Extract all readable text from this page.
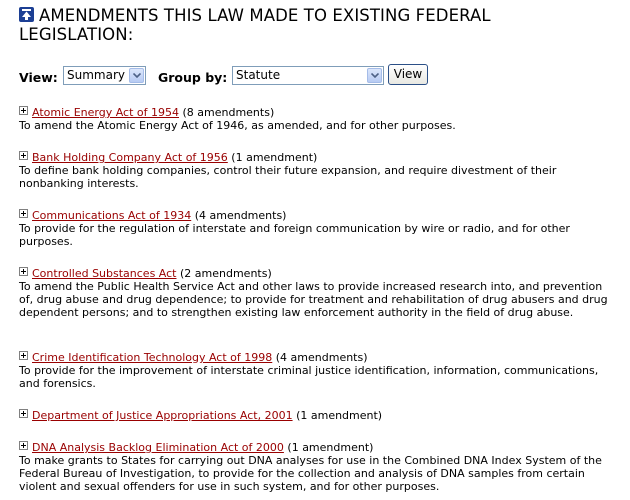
AMENDMENTS THIS LAW MADE TO EXISTING FEDERAL
LEGISLATION:
View: Summary	Group by: Statute	View
Atomic Energy Act of 1954 (8 amendments)
To amend the Atomic Energy Act of 1946, as amended, and for other purposes.
Bank Holding Company Act of 1956 (1 amendment)
To define bank holding companies, control their future expansion, and require divestment of their nonbanking interests.
Communications Act of 1934 (4 amendments)
To provide for the regulation of interstate and foreign communication by wire or radio, and for other purposes.
Controlled Substances Act (2 amendments)
To amend the Public Health Service Act and other laws to provide increased research into, and prevention of, drug abuse and drug dependence; to provide for treatment and rehabilitation of drug abusers and drug dependent persons; and to strengthen existing law enforcement authority in the field of drug abuse.
Crime Identification Technology Act of 1998 (4 amendments)
To provide for the improvement of interstate criminal justice identification, information, communications, and forensics.
Department of Justice Appropriations Act, 2001 (1 amendment)
DNA Analysis Backlog Elimination Act of 2000 (1 amendment)
To make grants to States for carrying out DNA analyses for use in the Combined DNA Index System of the Federal Bureau of Investigation, to provide for the collection and analysis of DNA samples from certain violent and sexual offenders for use in such system, and for other purposes.
